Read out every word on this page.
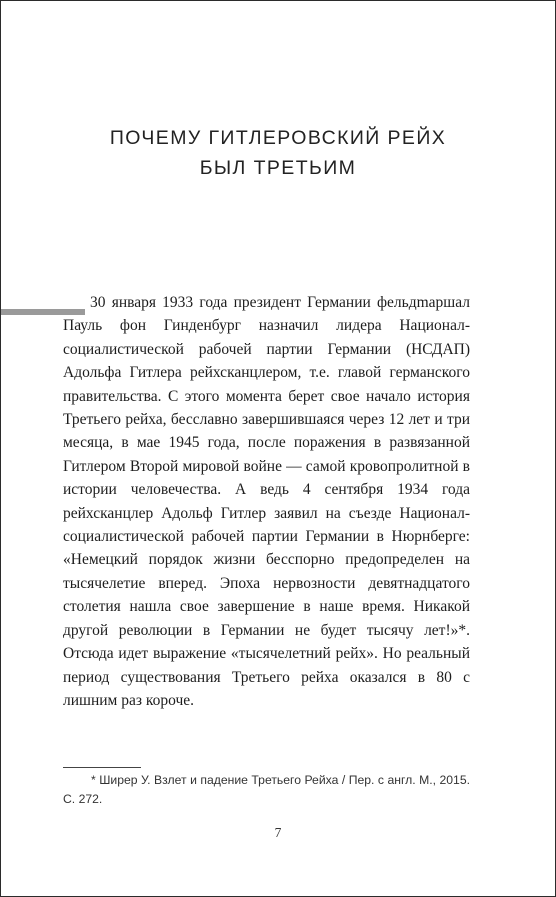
ПОЧЕМУ ГИТЛЕРОВСКИЙ РЕЙХ
БЫЛ ТРЕТЬИМ

30 января 1933 года президент Германии фельдmаршал Пауль фон Гинденбург назначил лидера Национал-социалистической рабочей партии Германии (НСДАП) Адольфа Гитлера рейхсканцлером, т.е. главой германского правительства. С этого момента берет свое начало история Третьего рейха, бесславно завершившаяся через 12 лет и три месяца, в мае 1945 года, после поражения в развязанной Гитлером Второй мировой войне — самой кровопролитной в истории человечества. А ведь 4 сентября 1934 года рейхсканцлер Адольф Гитлер заявил на съезде Национал-социалистической рабочей партии Германии в Нюрнберге: «Немецкий порядок жизни бесспорно предопределен на тысячелетие вперед. Эпоха нервозности девятнадцатого столетия нашла свое завершение в наше время. Никакой другой революции в Германии не будет тысячу лет!»*. Отсюда идет выражение «тысячелетний рейх». Но реальный период существования Третьего рейха оказался в 80 с лишним раз короче.

* Ширер У. Взлет и падение Третьего Рейха / Пер. с англ. М., 2015. С. 272.

7
